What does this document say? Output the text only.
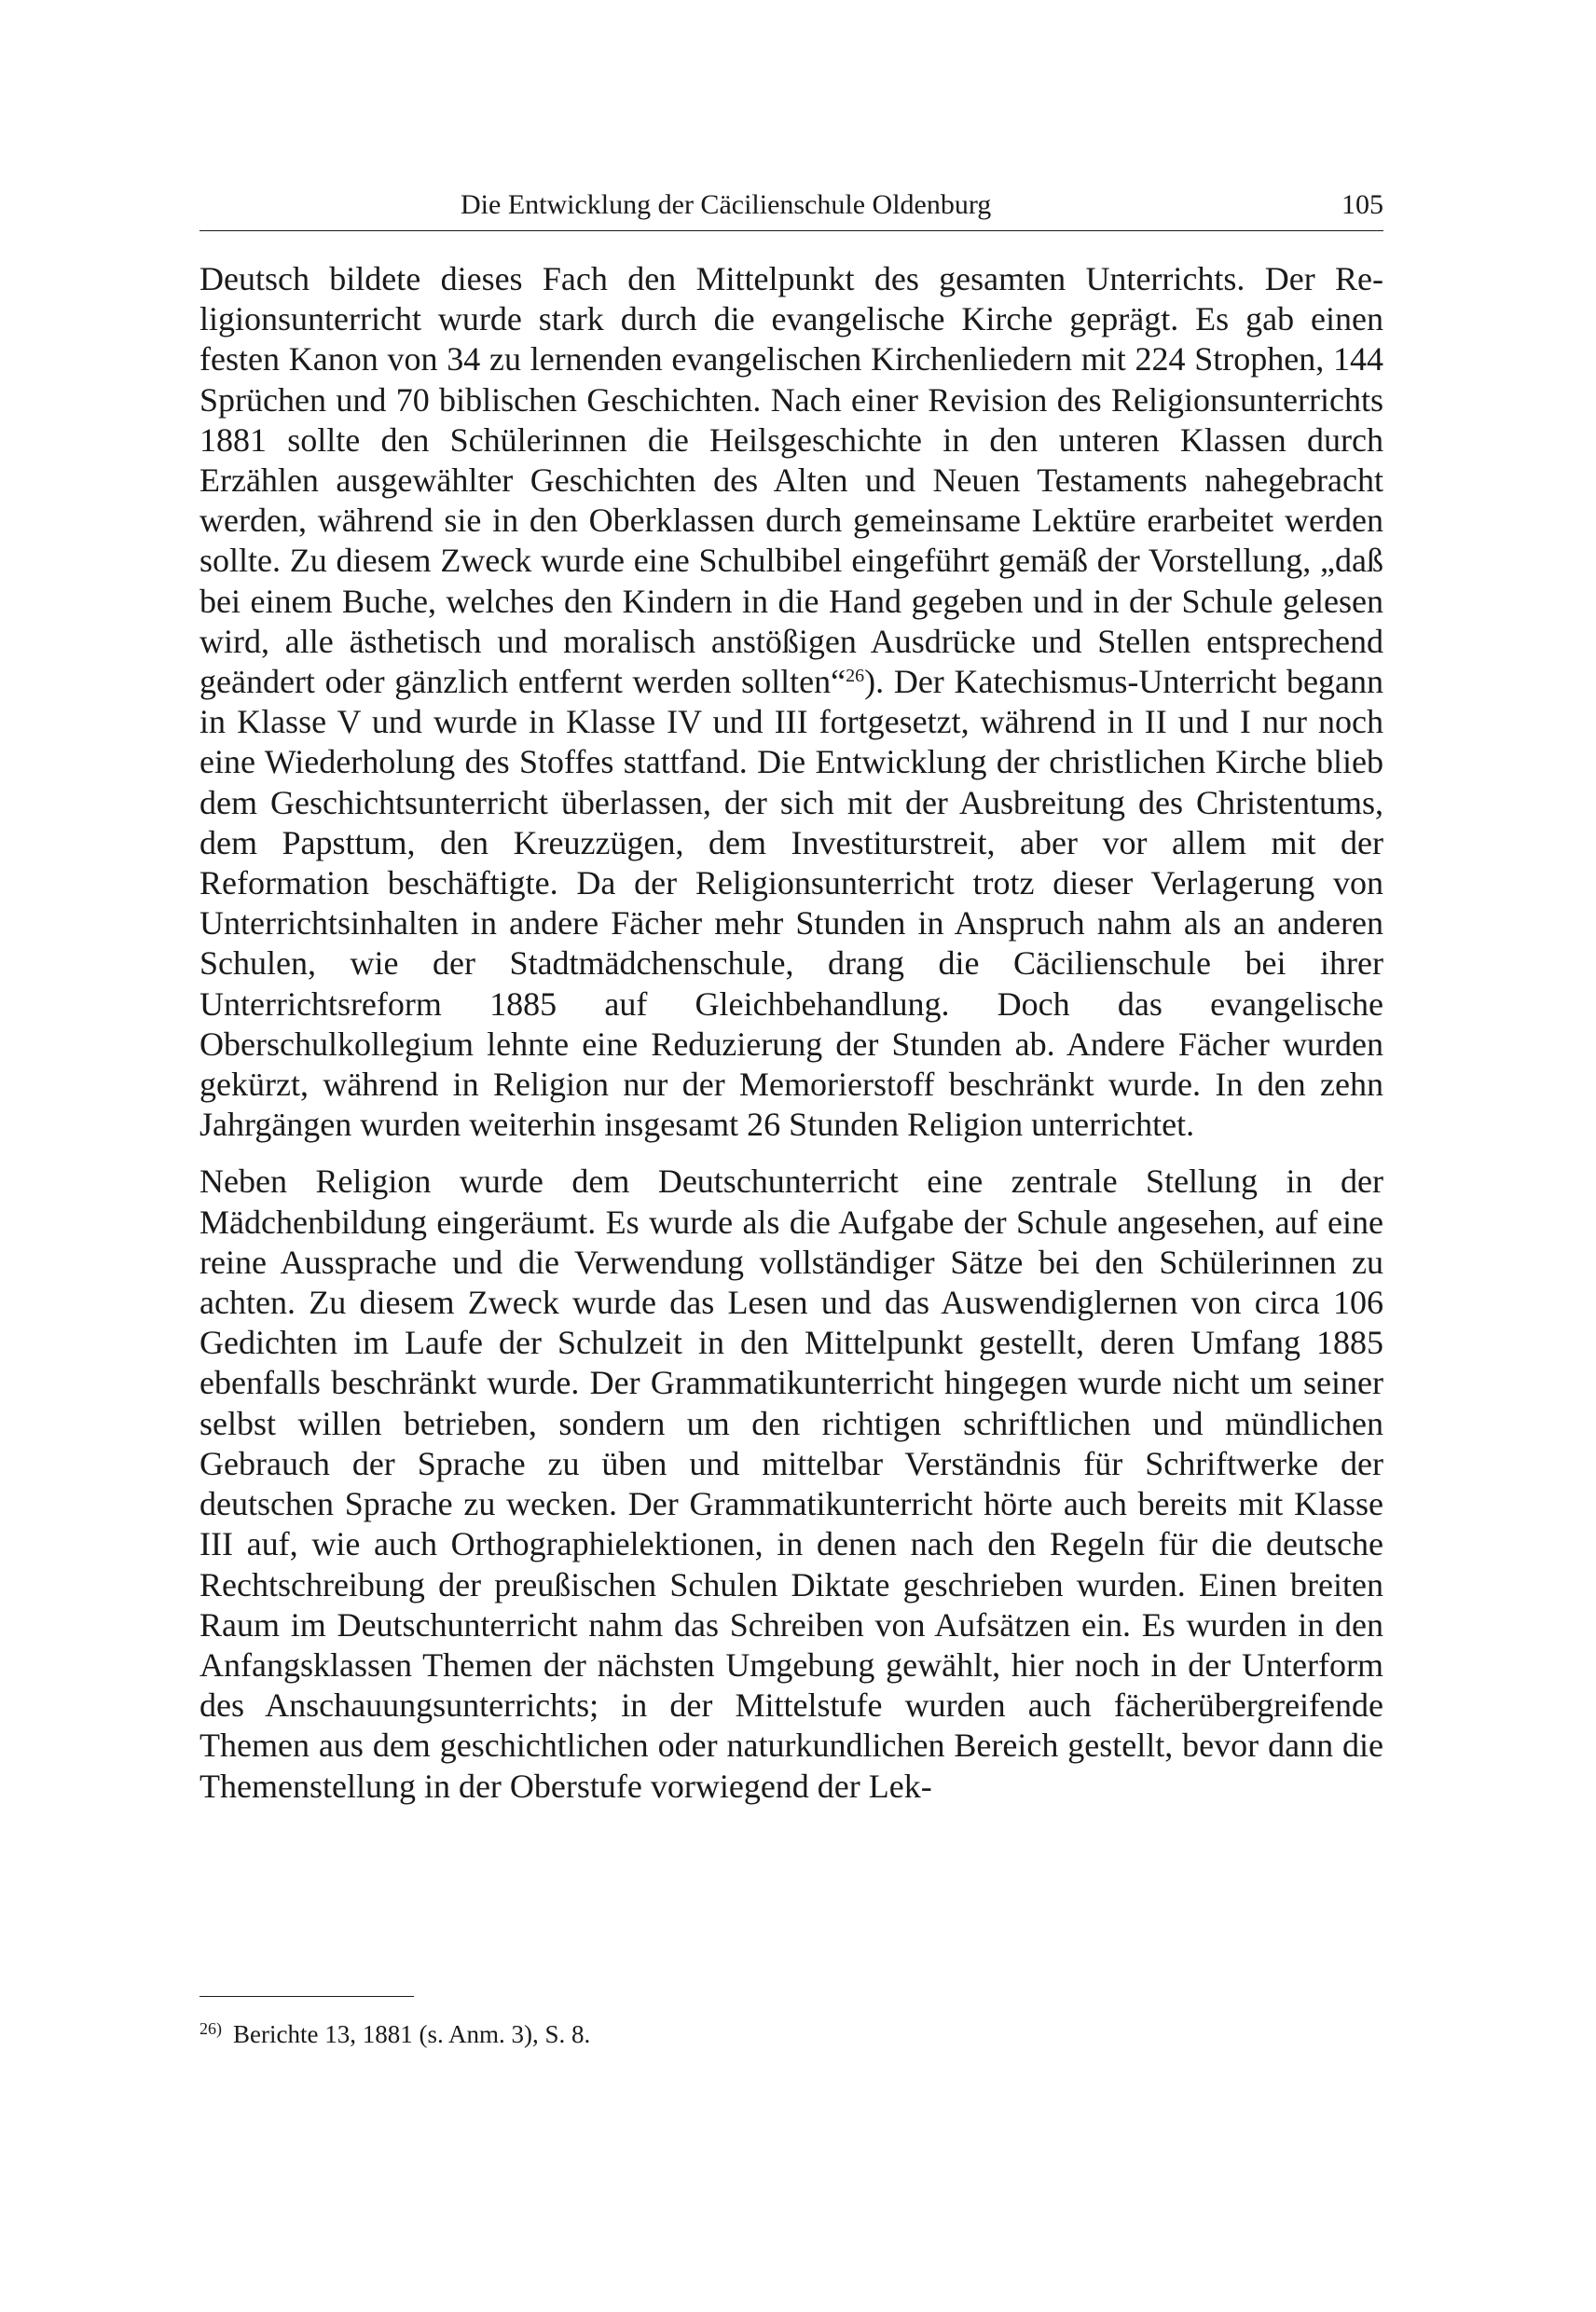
Die Entwicklung der Cäcilienschule Oldenburg	105

Deutsch bildete dieses Fach den Mittelpunkt des gesamten Unterrichts. Der Religionsunterricht wurde stark durch die evangelische Kirche geprägt. Es gab einen festen Kanon von 34 zu lernenden evangelischen Kirchenliedern mit 224 Strophen, 144 Sprüchen und 70 biblischen Geschichten. Nach einer Revision des Religionsunterrichts 1881 sollte den Schülerinnen die Heilsgeschichte in den unteren Klassen durch Erzählen ausgewählter Geschichten des Alten und Neuen Testaments nahegebracht werden, während sie in den Oberklassen durch gemeinsame Lektüre erarbeitet werden sollte. Zu diesem Zweck wurde eine Schulbibel eingeführt gemäß der Vorstellung, „daß bei einem Buche, welches den Kindern in die Hand gegeben und in der Schule gelesen wird, alle ästhetisch und moralisch anstößigen Ausdrücke und Stellen entsprechend geändert oder gänzlich entfernt werden sollten“$^{26}$). Der Katechismus-Unterricht begann in Klasse V und wurde in Klasse IV und III fortgesetzt, während in II und I nur noch eine Wiederholung des Stoffes stattfand. Die Entwicklung der christlichen Kirche blieb dem Geschichtsunterricht überlassen, der sich mit der Ausbreitung des Christentums, dem Papsttum, den Kreuzzügen, dem Investiturstreit, aber vor allem mit der Reformation beschäftigte. Da der Religionsunterricht trotz dieser Verlagerung von Unterrichtsinhalten in andere Fächer mehr Stunden in Anspruch nahm als an anderen Schulen, wie der Stadtmädchenschule, drang die Cäcilienschule bei ihrer Unterrichtsreform 1885 auf Gleichbehandlung. Doch das evangelische Oberschulkollegium lehnte eine Reduzierung der Stunden ab. Andere Fächer wurden gekürzt, während in Religion nur der Memorierstoff beschränkt wurde. In den zehn Jahrgängen wurden weiterhin insgesamt 26 Stunden Religion unterrichtet.

Neben Religion wurde dem Deutschunterricht eine zentrale Stellung in der Mädchenbildung eingeräumt. Es wurde als die Aufgabe der Schule angesehen, auf eine reine Aussprache und die Verwendung vollständiger Sätze bei den Schülerinnen zu achten. Zu diesem Zweck wurde das Lesen und das Auswendiglernen von circa 106 Gedichten im Laufe der Schulzeit in den Mittelpunkt gestellt, deren Umfang 1885 ebenfalls beschränkt wurde. Der Grammatikunterricht hingegen wurde nicht um seiner selbst willen betrieben, sondern um den richtigen schriftlichen und mündlichen Gebrauch der Sprache zu üben und mittelbar Verständnis für Schriftwerke der deutschen Sprache zu wecken. Der Grammatikunterricht hörte auch bereits mit Klasse III auf, wie auch Orthographielektionen, in denen nach den Regeln für die deutsche Rechtschreibung der preußischen Schulen Diktate geschrieben wurden. Einen breiten Raum im Deutschunterricht nahm das Schreiben von Aufsätzen ein. Es wurden in den Anfangsklassen Themen der nächsten Umgebung gewählt, hier noch in der Unterform des Anschauungsunterrichts; in der Mittelstufe wurden auch fächerübergreifende Themen aus dem geschichtlichen oder naturkundlichen Bereich gestellt, bevor dann die Themenstellung in der Oberstufe vorwiegend der Lek-

$^{26)}$ Berichte 13, 1881 (s. Anm. 3), S. 8.
